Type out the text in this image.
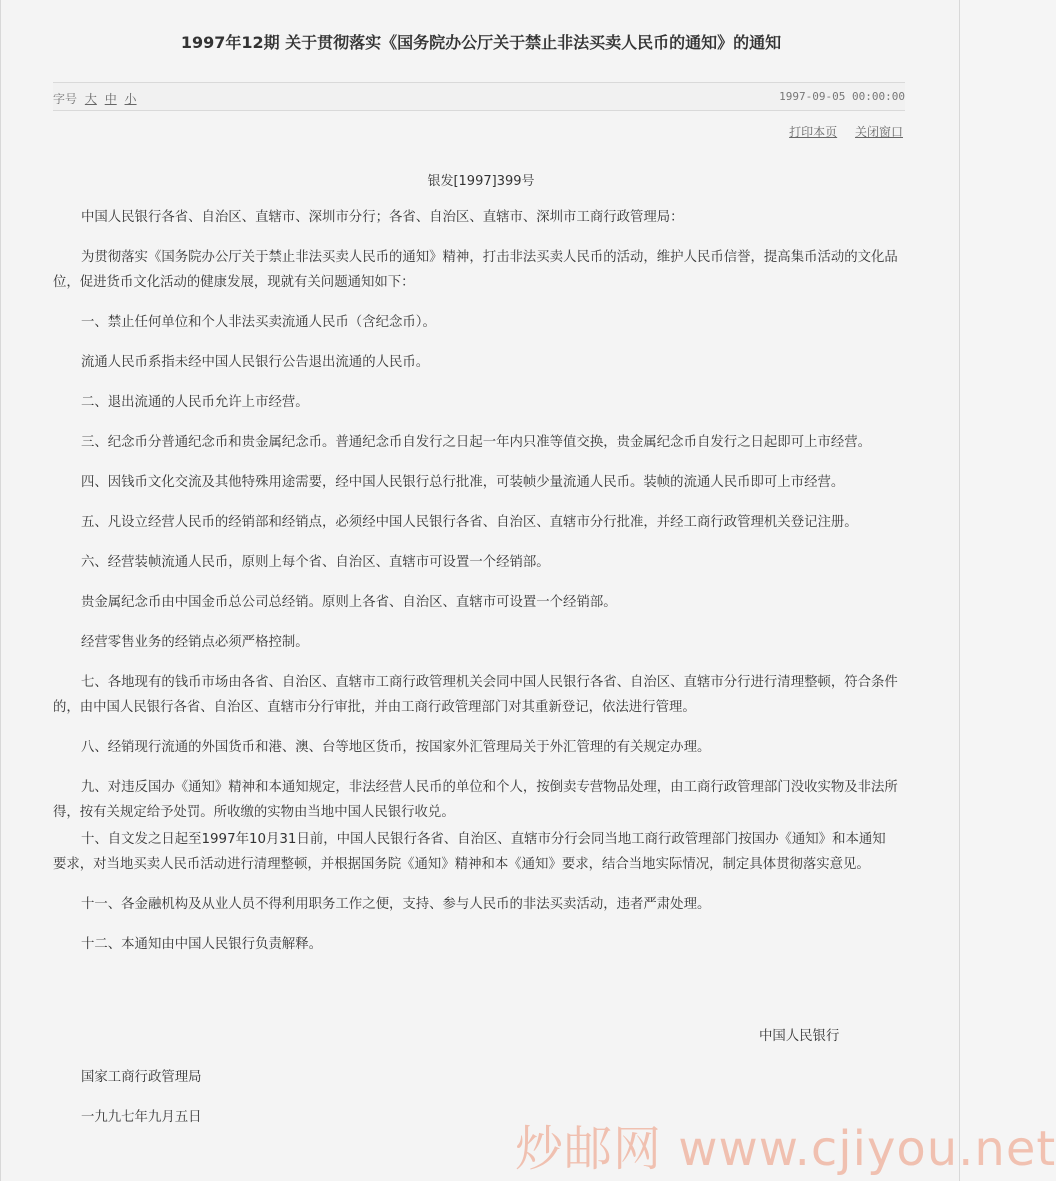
1997年12期 关于贯彻落实《国务院办公厅关于禁止非法买卖人民币的通知》的通知
字号 大 中 小	1997-09-05 00:00:00
打印本页 关闭窗口
银发[1997]399号

中国人民银行各省、自治区、直辖市、深圳市分行；各省、自治区、直辖市、深圳市工商行政管理局：

为贯彻落实《国务院办公厅关于禁止非法买卖人民币的通知》精神，打击非法买卖人民币的活动，维护人民币信誉，提高集币活动的文化品位，促进货币文化活动的健康发展，现就有关问题通知如下：

一、禁止任何单位和个人非法买卖流通人民币（含纪念币）。

流通人民币系指未经中国人民银行公告退出流通的人民币。

二、退出流通的人民币允许上市经营。

三、纪念币分普通纪念币和贵金属纪念币。普通纪念币自发行之日起一年内只准等值交换，贵金属纪念币自发行之日起即可上市经营。

四、因钱币文化交流及其他特殊用途需要，经中国人民银行总行批准，可装帧少量流通人民币。装帧的流通人民币即可上市经营。

五、凡设立经营人民币的经销部和经销点，必须经中国人民银行各省、自治区、直辖市分行批准，并经工商行政管理机关登记注册。

六、经营装帧流通人民币，原则上每个省、自治区、直辖市可设置一个经销部。

贵金属纪念币由中国金币总公司总经销。原则上各省、自治区、直辖市可设置一个经销部。

经营零售业务的经销点必须严格控制。

七、各地现有的钱币市场由各省、自治区、直辖市工商行政管理机关会同中国人民银行各省、自治区、直辖市分行进行清理整顿，符合条件的，由中国人民银行各省、自治区、直辖市分行审批，并由工商行政管理部门对其重新登记，依法进行管理。

八、经销现行流通的外国货币和港、澳、台等地区货币，按国家外汇管理局关于外汇管理的有关规定办理。

九、对违反国办《通知》精神和本通知规定，非法经营人民币的单位和个人，按倒卖专营物品处理，由工商行政管理部门没收实物及非法所得，按有关规定给予处罚。所收缴的实物由当地中国人民银行收兑。

十、自文发之日起至1997年10月31日前，中国人民银行各省、自治区、直辖市分行会同当地工商行政管理部门按国办《通知》和本通知要求，对当地买卖人民币活动进行清理整顿，并根据国务院《通知》精神和本《通知》要求，结合当地实际情况，制定具体贯彻落实意见。

十一、各金融机构及从业人员不得利用职务工作之便，支持、参与人民币的非法买卖活动，违者严肃处理。

十二、本通知由中国人民银行负责解释。

中国人民银行
国家工商行政管理局
一九九七年九月五日
炒邮网 www.cjiyou.net
